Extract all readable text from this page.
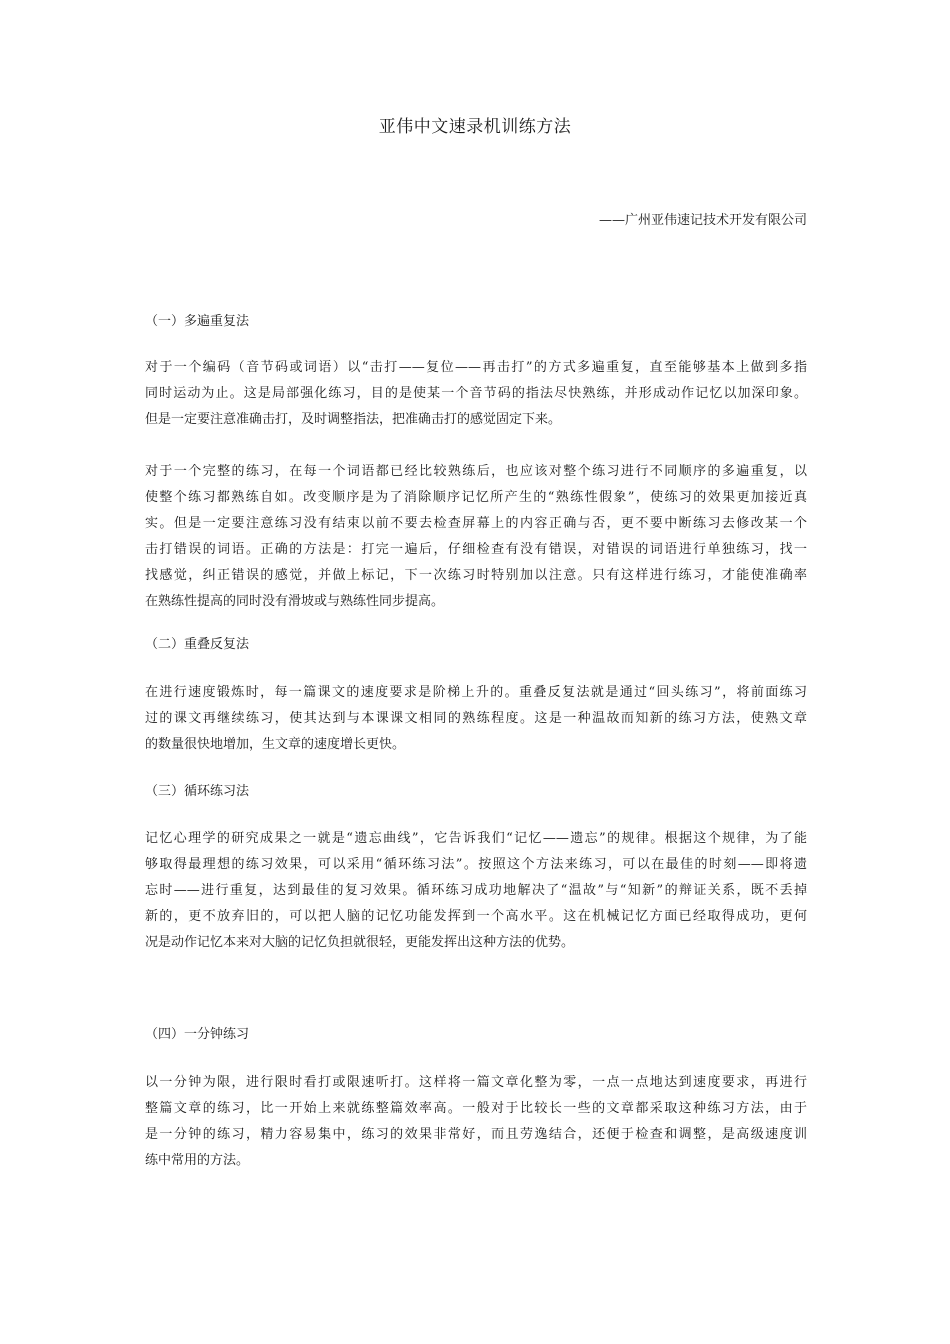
亚伟中文速录机训练方法
——广州亚伟速记技术开发有限公司
（一）多遍重复法

对于一个编码（音节码或词语）以“击打——复位——再击打”的方式多遍重复，直至能够基本上做到多指
同时运动为止。这是局部强化练习，目的是使某一个音节码的指法尽快熟练，并形成动作记忆以加深印象。
但是一定要注意准确击打，及时调整指法，把准确击打的感觉固定下来。

对于一个完整的练习，在每一个词语都已经比较熟练后，也应该对整个练习进行不同顺序的多遍重复，以
使整个练习都熟练自如。改变顺序是为了消除顺序记忆所产生的“熟练性假象”，使练习的效果更加接近真
实。但是一定要注意练习没有结束以前不要去检查屏幕上的内容正确与否，更不要中断练习去修改某一个
击打错误的词语。正确的方法是：打完一遍后，仔细检查有没有错误，对错误的词语进行单独练习，找一
找感觉，纠正错误的感觉，并做上标记，下一次练习时特别加以注意。只有这样进行练习，才能使准确率
在熟练性提高的同时没有滑坡或与熟练性同步提高。

（二）重叠反复法

在进行速度锻炼时，每一篇课文的速度要求是阶梯上升的。重叠反复法就是通过“回头练习”，将前面练习
过的课文再继续练习，使其达到与本课课文相同的熟练程度。这是一种温故而知新的练习方法，使熟文章
的数量很快地增加，生文章的速度增长更快。

（三）循环练习法

记忆心理学的研究成果之一就是“遗忘曲线”，它告诉我们“记忆——遗忘”的规律。根据这个规律，为了能
够取得最理想的练习效果，可以采用“循环练习法”。按照这个方法来练习，可以在最佳的时刻——即将遗
忘时——进行重复，达到最佳的复习效果。循环练习成功地解决了“温故”与“知新”的辩证关系，既不丢掉
新的，更不放弃旧的，可以把人脑的记忆功能发挥到一个高水平。这在机械记忆方面已经取得成功，更何
况是动作记忆本来对大脑的记忆负担就很轻，更能发挥出这种方法的优势。

（四）一分钟练习

以一分钟为限，进行限时看打或限速听打。这样将一篇文章化整为零，一点一点地达到速度要求，再进行
整篇文章的练习，比一开始上来就练整篇效率高。一般对于比较长一些的文章都采取这种练习方法，由于
是一分钟的练习，精力容易集中，练习的效果非常好，而且劳逸结合，还便于检查和调整，是高级速度训
练中常用的方法。
